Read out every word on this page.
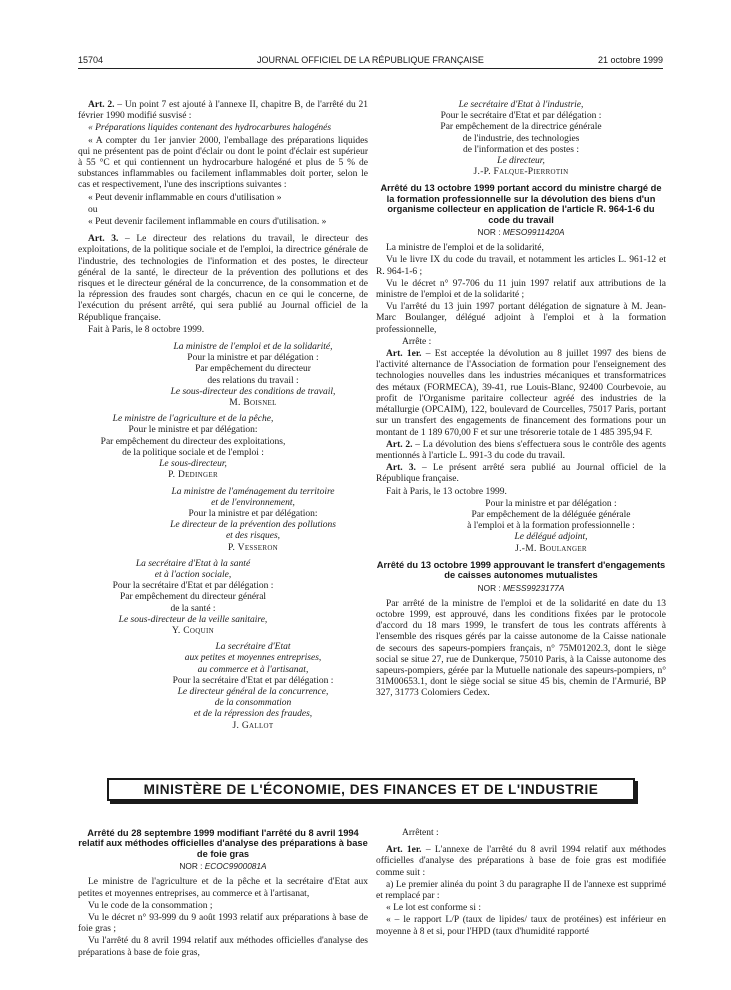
15704	JOURNAL OFFICIEL DE LA RÉPUBLIQUE FRANÇAISE	21 octobre 1999

Art. 2. – Un point 7 est ajouté à l'annexe II, chapitre B, de l'arrêté du 21 février 1990 modifié susvisé :

« Préparations liquides contenant des hydrocarbures halogénés

« A compter du 1er janvier 2000, l'emballage des préparations liquides qui ne présentent pas de point d'éclair ou dont le point d'éclair est supérieur à 55 °C et qui contiennent un hydrocarbure halogéné et plus de 5 % de substances inflammables ou facilement inflammables doit porter, selon le cas et respectivement, l'une des inscriptions suivantes :

« Peut devenir inflammable en cours d'utilisation »

ou

« Peut devenir facilement inflammable en cours d'utilisation. »

Art. 3. – Le directeur des relations du travail, le directeur des exploitations, de la politique sociale et de l'emploi, la directrice générale de l'industrie, des technologies de l'information et des postes, le directeur général de la santé, le directeur de la prévention des pollutions et des risques et le directeur général de la concurrence, de la consommation et de la répression des fraudes sont chargés, chacun en ce qui le concerne, de l'exécution du présent arrêté, qui sera publié au Journal officiel de la République française.

Fait à Paris, le 8 octobre 1999.

La ministre de l'emploi et de la solidarité,
Pour la ministre et par délégation :
Par empêchement du directeur
des relations du travail :
Le sous-directeur des conditions de travail,
M. Boisnel
Le ministre de l'agriculture et de la pêche,
Pour le ministre et par délégation:
Par empêchement du directeur des exploitations,
de la politique sociale et de l'emploi :
Le sous-directeur,
P. Dedinger
La ministre de l'aménagement du territoire
et de l'environnement,
Pour la ministre et par délégation:
Le directeur de la prévention des pollutions
et des risques,
P. Vesseron
La secrétaire d'Etat à la santé
et à l'action sociale,
Pour la secrétaire d'Etat et par délégation :
Par empêchement du directeur général
de la santé :
Le sous-directeur de la veille sanitaire,
Y. Coquin
La secrétaire d'Etat
aux petites et moyennes entreprises,
au commerce et à l'artisanat,
Pour la secrétaire d'Etat et par délégation :
Le directeur général de la concurrence,
de la consommation
et de la répression des fraudes,
J. Gallot
Le secrétaire d'Etat à l'industrie,
Pour le secrétaire d'Etat et par délégation :
Par empêchement de la directrice générale
de l'industrie, des technologies
de l'information et des postes :
Le directeur,
J.-P. Falque-Pierrotin
Arrêté du 13 octobre 1999 portant accord du ministre chargé de la formation professionnelle sur la dévolution des biens d'un organisme collecteur en application de l'article R. 964-1-6 du code du travail
NOR : MESO9911420A

La ministre de l'emploi et de la solidarité,

Vu le livre IX du code du travail, et notamment les articles L. 961-12 et R. 964-1-6 ;

Vu le décret n° 97-706 du 11 juin 1997 relatif aux attributions de la ministre de l'emploi et de la solidarité ;

Vu l'arrêté du 13 juin 1997 portant délégation de signature à M. Jean-Marc Boulanger, délégué adjoint à l'emploi et à la formation professionnelle,

Arrête :

Art. 1er. – Est acceptée la dévolution au 8 juillet 1997 des biens de l'activité alternance de l'Association de formation pour l'enseignement des technologies nouvelles dans les industries mécaniques et transformatrices des métaux (FORMECA), 39-41, rue Louis-Blanc, 92400 Courbevoie, au profit de l'Organisme paritaire collecteur agréé des industries de la métallurgie (OPCAIM), 122, boulevard de Courcelles, 75017 Paris, portant sur un transfert des engagements de financement des formations pour un montant de 1 189 670,00 F et sur une trésorerie totale de 1 485 395,94 F.

Art. 2. – La dévolution des biens s'effectuera sous le contrôle des agents mentionnés à l'article L. 991-3 du code du travail.

Art. 3. – Le présent arrêté sera publié au Journal officiel de la République française.

Fait à Paris, le 13 octobre 1999.

Pour la ministre et par délégation :
Par empêchement de la déléguée générale
à l'emploi et à la formation professionnelle :
Le délégué adjoint,
J.-M. Boulanger
Arrêté du 13 octobre 1999 approuvant le transfert d'engagements de caisses autonomes mutualistes
NOR : MESS9923177A

Par arrêté de la ministre de l'emploi et de la solidarité en date du 13 octobre 1999, est approuvé, dans les conditions fixées par le protocole d'accord du 18 mars 1999, le transfert de tous les contrats afférents à l'ensemble des risques gérés par la caisse autonome de la Caisse nationale de secours des sapeurs-pompiers français, n° 75M01202.3, dont le siège social se situe 27, rue de Dunkerque, 75010 Paris, à la Caisse autonome des sapeurs-pompiers, gérée par la Mutuelle nationale des sapeurs-pompiers, n° 31M00653.1, dont le siège social se situe 45 bis, chemin de l'Armurié, BP 327, 31773 Colomiers Cedex.

MINISTÈRE DE L'ÉCONOMIE, DES FINANCES ET DE L'INDUSTRIE
Arrêté du 28 septembre 1999 modifiant l'arrêté du 8 avril 1994 relatif aux méthodes officielles d'analyse des préparations à base de foie gras
NOR : ECOC9900081A

Le ministre de l'agriculture et de la pêche et la secrétaire d'Etat aux petites et moyennes entreprises, au commerce et à l'artisanat,

Vu le code de la consommation ;

Vu le décret n° 93-999 du 9 août 1993 relatif aux préparations à base de foie gras ;

Vu l'arrêté du 8 avril 1994 relatif aux méthodes officielles d'analyse des préparations à base de foie gras,

Arrêtent :

Art. 1er. – L'annexe de l'arrêté du 8 avril 1994 relatif aux méthodes officielles d'analyse des préparations à base de foie gras est modifiée comme suit :

a) Le premier alinéa du point 3 du paragraphe II de l'annexe est supprimé et remplacé par :

« Le lot est conforme si :

« – le rapport L/P (taux de lipides/ taux de protéines) est inférieur en moyenne à 8 et si, pour l'HPD (taux d'humidité rapporté
